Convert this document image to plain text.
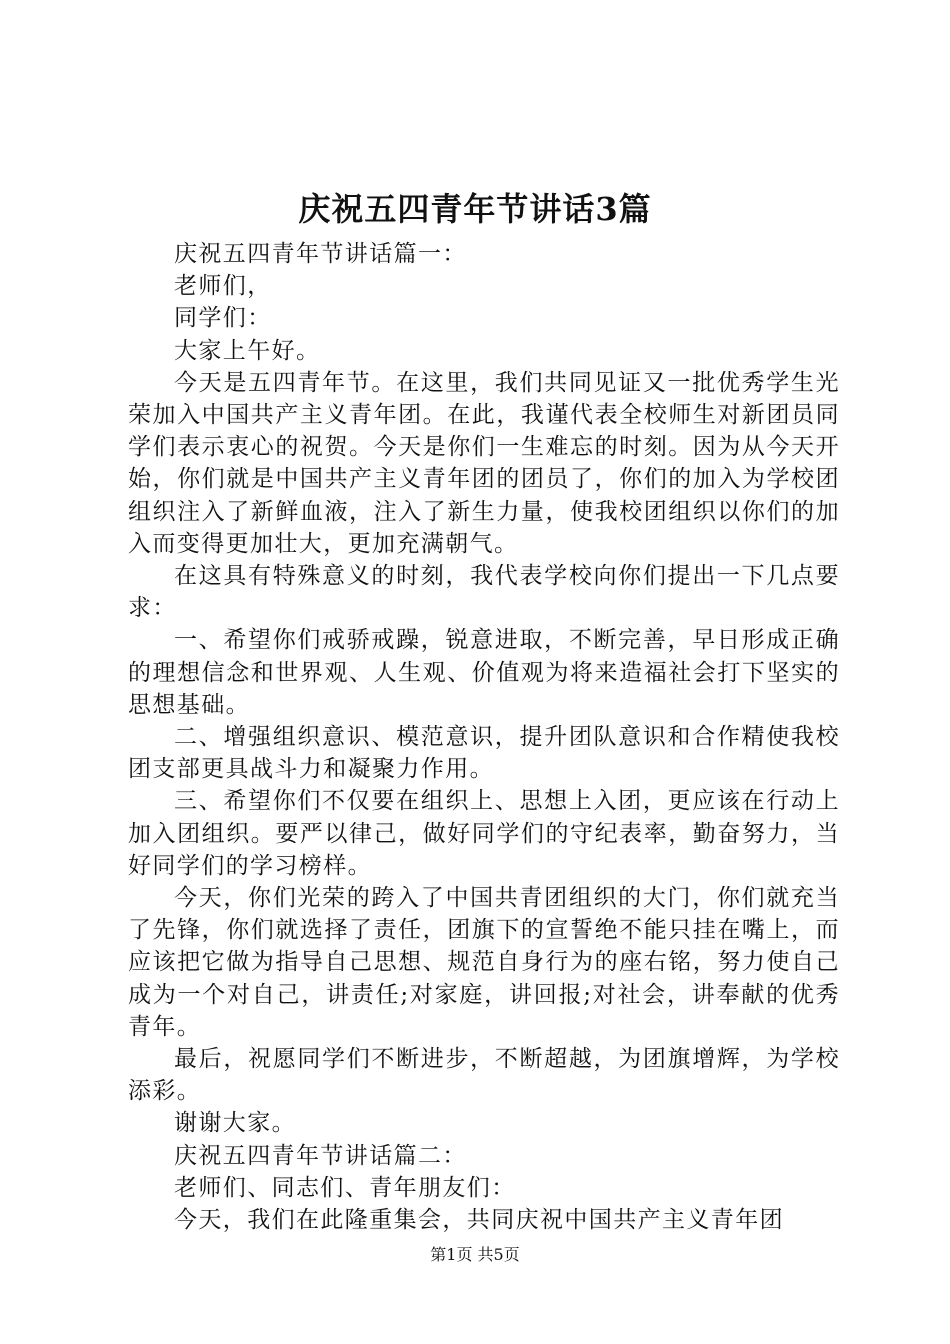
庆祝五四青年节讲话3篇

庆祝五四青年节讲话篇一：

老师们，

同学们：

大家上午好。

今天是五四青年节。在这里，我们共同见证又一批优秀学生光荣加入中国共产主义青年团。在此，我谨代表全校师生对新团员同学们表示衷心的祝贺。今天是你们一生难忘的时刻。因为从今天开始，你们就是中国共产主义青年团的团员了，你们的加入为学校团组织注入了新鲜血液，注入了新生力量，使我校团组织以你们的加入而变得更加壮大，更加充满朝气。

在这具有特殊意义的时刻，我代表学校向你们提出一下几点要求：

一、希望你们戒骄戒躁，锐意进取，不断完善，早日形成正确的理想信念和世界观、人生观、价值观为将来造福社会打下坚实的思想基础。

二、增强组织意识、模范意识，提升团队意识和合作精使我校团支部更具战斗力和凝聚力作用。

三、希望你们不仅要在组织上、思想上入团，更应该在行动上加入团组织。要严以律己，做好同学们的守纪表率，勤奋努力，当好同学们的学习榜样。

今天，你们光荣的跨入了中国共青团组织的大门，你们就充当了先锋，你们就选择了责任，团旗下的宣誓绝不能只挂在嘴上，而应该把它做为指导自己思想、规范自身行为的座右铭，努力使自己成为一个对自己，讲责任;对家庭，讲回报;对社会，讲奉献的优秀青年。

最后，祝愿同学们不断进步，不断超越，为团旗增辉，为学校添彩。

谢谢大家。

庆祝五四青年节讲话篇二：

老师们、同志们、青年朋友们：

今天，我们在此隆重集会，共同庆祝中国共产主义青年团

第1页 共5页
